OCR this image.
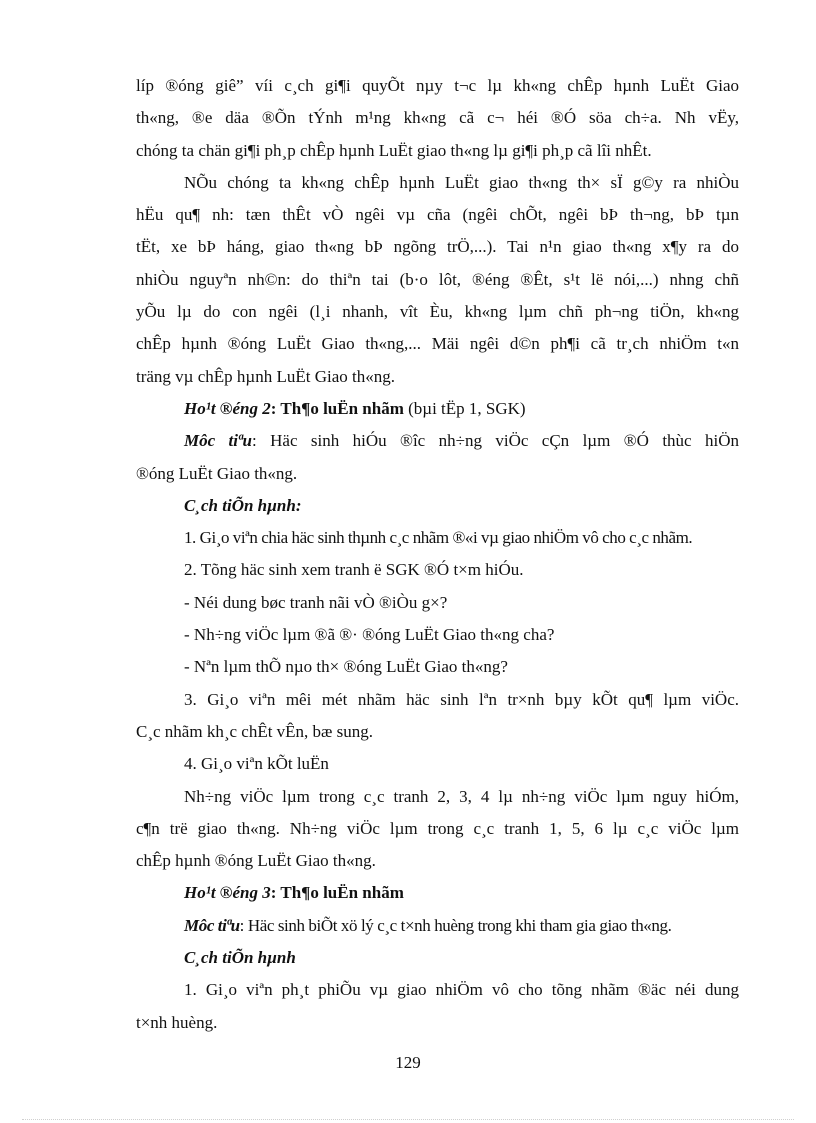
líp ®óng giê” víi c¸ch gi¶i quyÕt nµy t¬c lµ kh«ng chÊp hµnh LuËt Giao

th«ng, ®e däa ®Õn tÝnh m¹ng kh«ng cã c¬ héi ®Ó söa ch÷a. Nh vËy,

chóng ta chän gi¶i ph¸p chÊp hµnh LuËt giao th«ng lµ gi¶i ph¸p cã lîi nhÊt.

NÕu chóng ta kh«ng chÊp hµnh LuËt giao th«ng th× sÏ g©y ra nhiÒu

hËu qu¶ nh: tæn thÊt vÒ ngêi vµ cña (ngêi chÕt, ngêi bÞ th¬ng, bÞ tµn

tËt, xe bÞ háng, giao th«ng bÞ ngõng trÖ,...). Tai n¹n giao th«ng x¶y ra do

nhiÒu nguyªn nh©n: do thiªn tai (b·o lôt, ®éng ®Êt, s¹t lë nói,...) nhng chñ

yÕu lµ do con ngêi (l¸i nhanh, vît Èu, kh«ng lµm chñ ph¬ng tiÖn, kh«ng

chÊp hµnh ®óng LuËt Giao th«ng,... Mäi ngêi d©n ph¶i cã tr¸ch nhiÖm t«n

träng vµ chÊp hµnh LuËt Giao th«ng.

Ho¹t ®éng 2: Th¶o luËn nhãm (bµi tËp 1, SGK)

Môc tiªu: Häc sinh hiÓu ®îc nh÷ng viÖc cÇn lµm ®Ó thùc hiÖn

®óng LuËt Giao th«ng.

C¸ch tiÕn hµnh:

1. Gi¸o viªn chia häc sinh thµnh c¸c nhãm ®«i vµ giao nhiÖm vô cho c¸c nhãm.

2. Tõng häc sinh xem tranh ë SGK ®Ó t×m hiÓu.

- Néi dung bøc tranh nãi vÒ ®iÒu g×?

- Nh÷ng viÖc lµm ®ã ®· ®óng LuËt Giao th«ng cha?

- Nªn lµm thÕ nµo th× ®óng LuËt Giao th«ng?

3. Gi¸o viªn mêi mét nhãm häc sinh lªn tr×nh bµy kÕt qu¶ lµm viÖc.

C¸c nhãm kh¸c chÊt vÊn, bæ sung.

4. Gi¸o viªn kÕt luËn

Nh÷ng viÖc lµm trong c¸c tranh 2, 3, 4 lµ nh÷ng viÖc lµm nguy hiÓm,

c¶n trë giao th«ng. Nh÷ng viÖc lµm trong c¸c tranh 1, 5, 6 lµ c¸c viÖc lµm

chÊp hµnh ®óng LuËt Giao th«ng.

Ho¹t ®éng 3: Th¶o luËn nhãm

Môc tiªu: Häc sinh biÕt xö lý c¸c t×nh huèng trong khi tham gia giao th«ng.

C¸ch tiÕn hµnh

1. Gi¸o viªn ph¸t phiÕu vµ giao nhiÖm vô cho tõng nhãm ®äc néi dung

t×nh huèng.

129
